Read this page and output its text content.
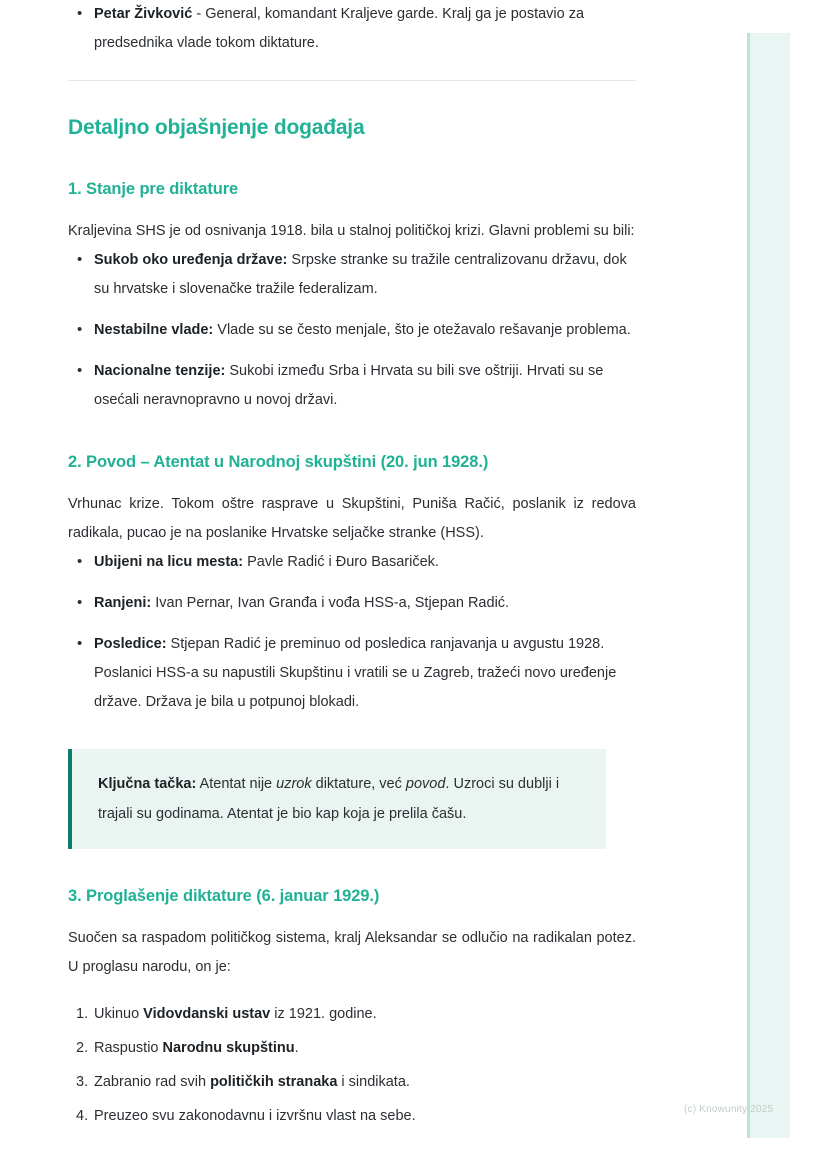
(c) Knowunity 2025
• Petar Živković - General, komandant Kraljeve garde. Kralj ga je postavio za predsednika vlade tokom diktature.
Detaljno objašnjenje događaja
1. Stanje pre diktature

Kraljevina SHS je od osnivanja 1918. bila u stalnoj političkoj krizi. Glavni problemi su bili:

• Sukob oko uređenja države: Srpske stranke su tražile centralizovanu državu, dok su hrvatske i slovenačke tražile federalizam.
• Nestabilne vlade: Vlade su se često menjale, što je otežavalo rešavanje problema.
• Nacionalne tenzije: Sukobi između Srba i Hrvata su bili sve oštriji. Hrvati su se osećali neravnopravno u novoj državi.
2. Povod – Atentat u Narodnoj skupštini (20. jun 1928.)

Vrhunac krize. Tokom oštre rasprave u Skupštini, Puniša Račić, poslanik iz redova radikala, pucao je na poslanike Hrvatske seljačke stranke (HSS).

• Ubijeni na licu mesta: Pavle Radić i Đuro Basariček.
• Ranjeni: Ivan Pernar, Ivan Granđa i vođa HSS-a, Stjepan Radić.
• Posledice: Stjepan Radić je preminuo od posledica ranjavanja u avgustu 1928. Poslanici HSS-a su napustili Skupštinu i vratili se u Zagreb, tražeći novo uređenje države. Država je bila u potpunoj blokadi.

Ključna tačka: Atentat nije uzrok diktature, već povod. Uzroci su dublji i trajali su godinama. Atentat je bio kap koja je prelila čašu.

3. Proglašenje diktature (6. januar 1929.)

Suočen sa raspadom političkog sistema, kralj Aleksandar se odlučio na radikalan potez. U proglasu narodu, on je:

Ukinuo Vidovdanski ustav iz 1921. godine.
Raspustio Narodnu skupštinu.
Zabranio rad svih političkih stranaka i sindikata.
Preuzeo svu zakonodavnu i izvršnu vlast na sebe.
